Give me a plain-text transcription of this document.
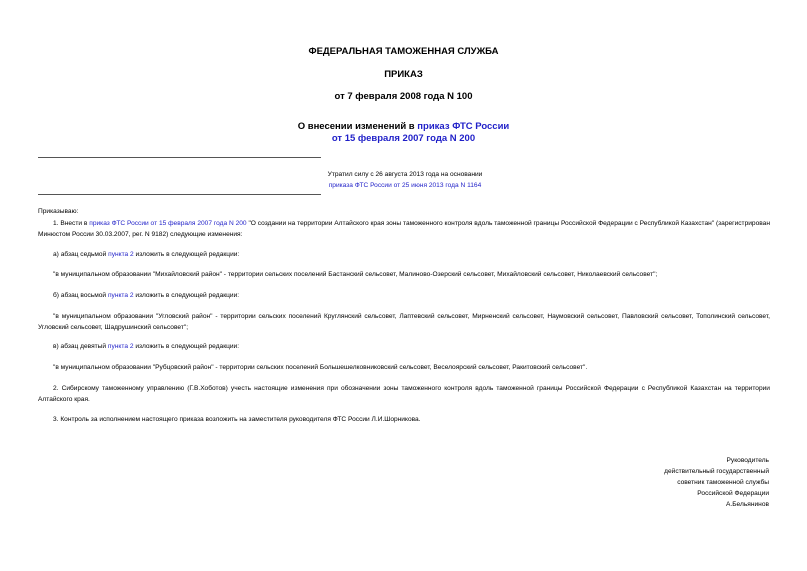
ФЕДЕРАЛЬНАЯ ТАМОЖЕННАЯ СЛУЖБА
ПРИКАЗ
от 7 февраля 2008 года N 100
О внесении изменений в приказ ФТС России
от 15 февраля 2007 года N 200
Утратил силу с 26 августа 2013 года на основании
приказа ФТС России от 25 июня 2013 года N 1164

Приказываю:

1. Внести в приказ ФТС России от 15 февраля 2007 года N 200 "О создании на территории Алтайского края зоны таможенного контроля вдоль таможенной границы Российской Федерации с Республикой Казахстан" (зарегистрирован Минюстом России 30.03.2007, рег. N 9182) следующие изменения:

а) абзац седьмой пункта 2 изложить в следующей редакции:

"в муниципальном образовании "Михайловский район" - территории сельских поселений Бастанский сельсовет, Малиново-Озерский сельсовет, Михайловский сельсовет, Николаевский сельсовет";

б) абзац восьмой пункта 2 изложить в следующей редакции:

"в муниципальном образовании "Угловский район" - территории сельских поселений Круглянский сельсовет, Лаптевский сельсовет, Мирненский сельсовет, Наумовский сельсовет, Павловский сельсовет, Тополинский сельсовет, Угловский сельсовет, Шадрушинский сельсовет";

в) абзац девятый пункта 2 изложить в следующей редакции:

"в муниципальном образовании "Рубцовский район" - территории сельских поселений Большешелковниковский сельсовет, Веселоярский сельсовет, Ракитовский сельсовет".

2. Сибирскому таможенному управлению (Г.В.Хоботов) учесть настоящие изменения при обозначении зоны таможенного контроля вдоль таможенной границы Российской Федерации с Республикой Казахстан на территории Алтайского края.

3. Контроль за исполнением настоящего приказа возложить на заместителя руководителя ФТС России Л.И.Шорникова.

Руководитель
действительный государственный
советник таможенной службы
Российской Федерации
А.Бельянинов
